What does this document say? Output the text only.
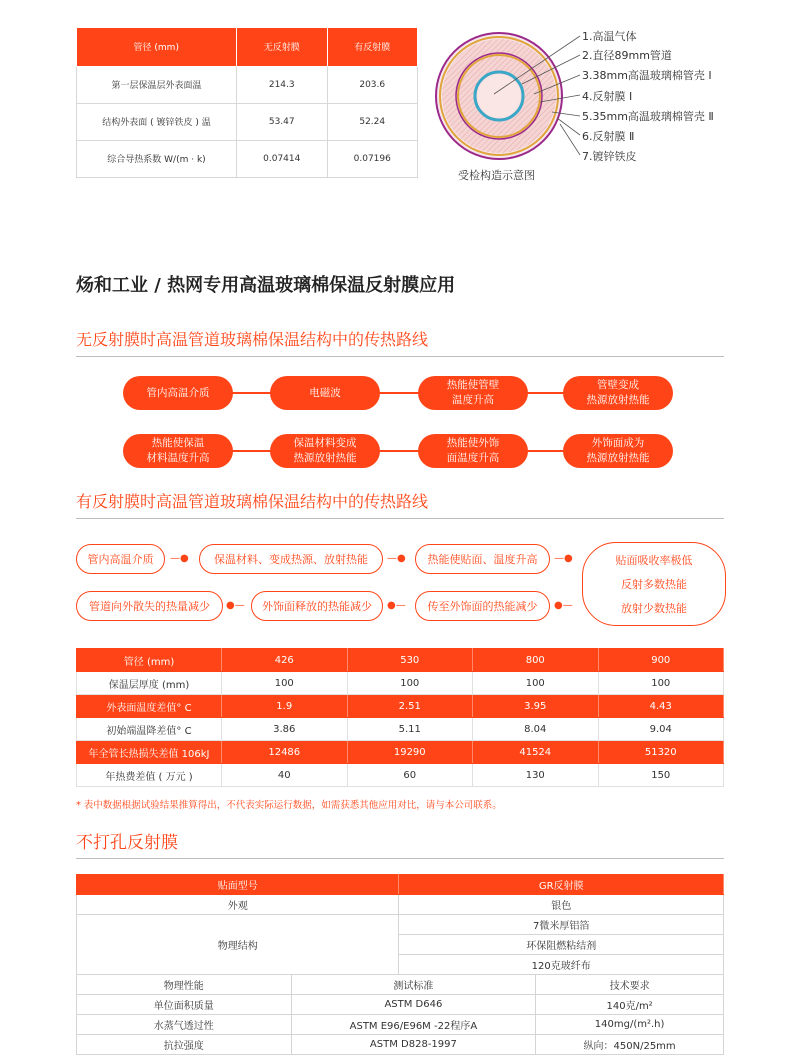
管径 (mm)	无反射膜	有反射膜
第一层保温层外表面温	214.3	203.6
结构外表面 ( 镀锌铁皮 ) 温	53.47	52.24
综合导热系数 W/(m · k)	0.07414	0.07196
1.高温气体
2.直径89mm管道
3.38mm高温玻璃棉管壳 Ⅰ
4.反射膜 Ⅰ
5.35mm高温玻璃棉管壳 Ⅱ
6.反射膜 Ⅱ
7.镀锌铁皮
受检构造示意图
炀和工业 / 热网专用高温玻璃棉保温反射膜应用
无反射膜时高温管道玻璃棉保温结构中的传热路线
管内高温介质	电磁波
热能使管壁
温度升高
管壁变成
热源放射热能
热能使保温
材料温度升高
保温材料变成
热源放射热能
热能使外饰
面温度升高
外饰面成为
热源放射热能
有反射膜时高温管道玻璃棉保温结构中的传热路线
管内高温介质	—●	保温材料、变成热源、放射热能	—●	热能使贴面、温度升高	—●	贴面吸收率极低
反射多数热能
放射少数热能
管道向外散失的热量减少	●—	外饰面释放的热能减少	●—	传至外饰面的热能减少	●—
管径 (mm)	426	530	800	900
保温层厚度 (mm)	100	100	100	100
外表面温度差值° C	1.9	2.51	3.95	4.43
初始端温降差值° C	3.86	5.11	8.04	9.04
年全管长热损失差值 106kJ	12486	19290	41524	51320
年热费差值 ( 万元 )	40	60	130	150
* 表中数据根据试验结果推算得出，不代表实际运行数据，如需获悉其他应用对比，请与本公司联系。
不打孔反射膜
贴面型号		GR反射膜	
外观		银色	
物理结构		7微米厚铝箔	
		环保阻燃粘结剂	
		120克玻纤布	
物理性能	测试标准		技术要求
单位面积质量	ASTM D646		140克/m²
水蒸气透过性	ASTM E96/E96M -22程序A		140mg/(m².h)
抗拉强度	ASTM D828-1997		纵向：450N/25mm
